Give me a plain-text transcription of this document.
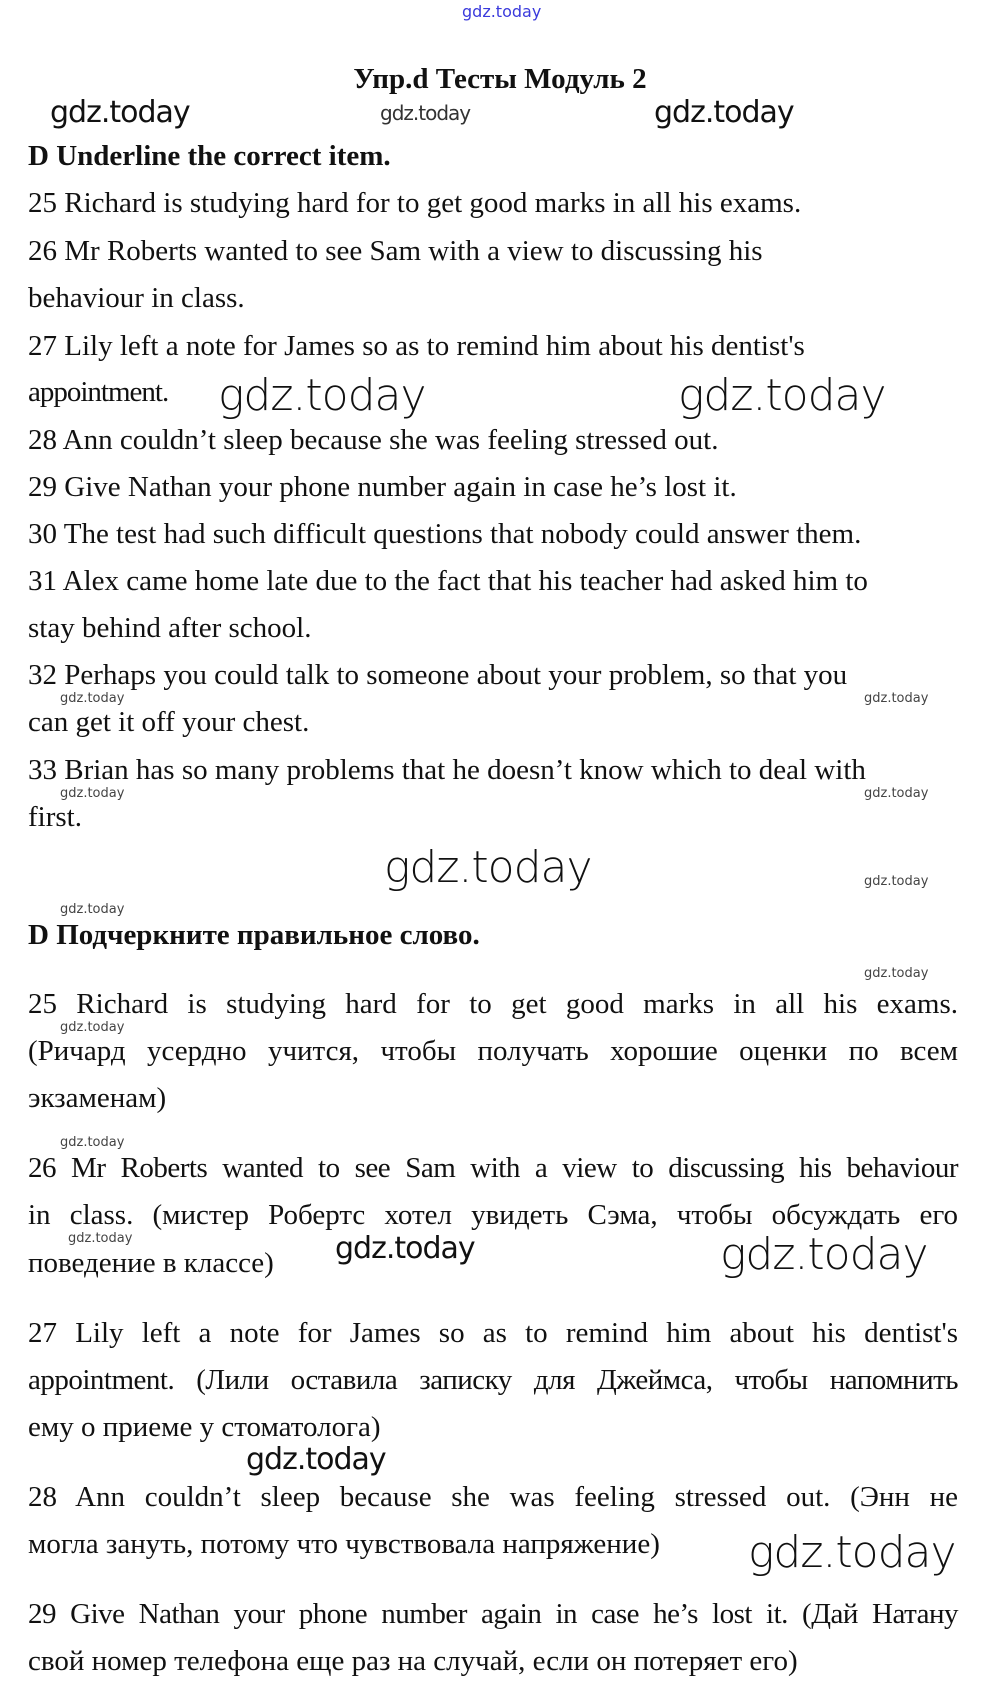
gdz.today
Упр.d Тесты Модуль 2
gdz.today	gdz.today	gdz.today
D Underline the correct item.
25 Richard is studying hard for to get good marks in all his exams.
26 Mr Roberts wanted to see Sam with a view to discussing his
behaviour in class.
27 Lily left a note for James so as to remind him about his dentist's
appointment. gdz.today	gdz.today
28 Ann couldn’t sleep because she was feeling stressed out.
29 Give Nathan your phone number again in case he’s lost it.
30 The test had such difficult questions that nobody could answer them.
31 Alex came home late due to the fact that his teacher had asked him to
stay behind after school.
32 Perhaps you could talk to someone about your problem, so that you
gdz.today
gdz.today
can get it off your chest.
33 Brian has so many problems that he doesn’t know which to deal with
gdz.today
gdz.today
first.
gdz.today	gdz.today
gdz.today
D Подчеркните правильное слово.
gdz.today
25 Richard is studying hard for to get good marks in all his exams.
gdz.today
(Ричард усердно учится, чтобы получать хорошие оценки по всем
экзаменам)
gdz.today
26 Mr Roberts wanted to see Sam with a view to discussing his behaviour
in class. (мистер Робертс хотел увидеть Сэма, чтобы обсуждать его
gdz.today
поведение в классе) gdz.today	gdz.today
27 Lily left a note for James so as to remind him about his dentist's
appointment. (Лили оставила записку для Джеймса, чтобы напомнить
ему о приеме у стоматолога)
gdz.today
28 Ann couldn’t sleep because she was feeling stressed out. (Энн не
могла зануть, потому что чувствовала напряжение) gdz.today
29 Give Nathan your phone number again in case he’s lost it. (Дай Натану
свой номер телефона еще раз на случай, если он потеряет его)
